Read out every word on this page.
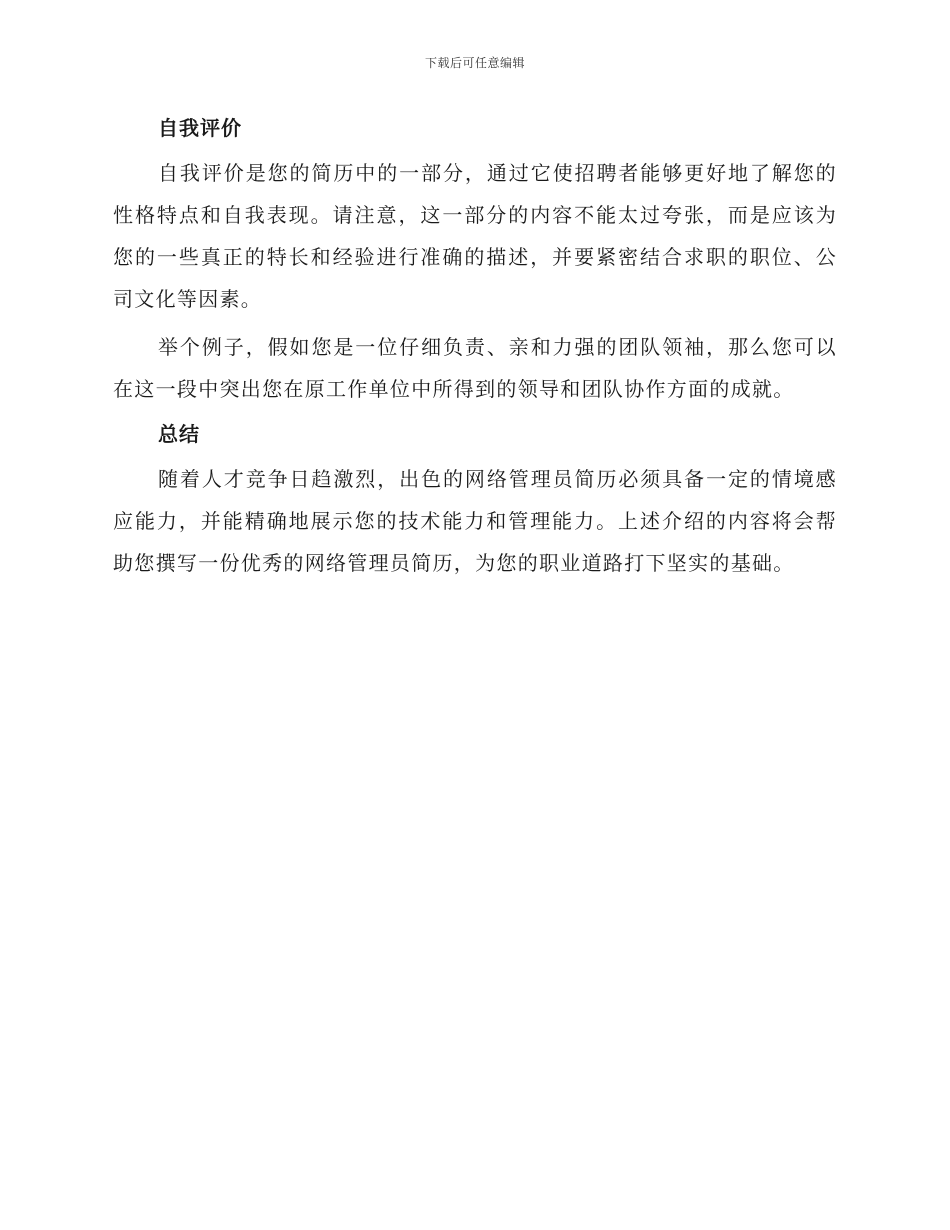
下载后可任意编辑
自我评价

自我评价是您的简历中的一部分，通过它使招聘者能够更好地了解您的性格特点和自我表现。请注意，这一部分的内容不能太过夸张，而是应该为您的一些真正的特长和经验进行准确的描述，并要紧密结合求职的职位、公司文化等因素。

举个例子，假如您是一位仔细负责、亲和力强的团队领袖，那么您可以在这一段中突出您在原工作单位中所得到的领导和团队协作方面的成就。

总结

随着人才竞争日趋激烈，出色的网络管理员简历必须具备一定的情境感应能力，并能精确地展示您的技术能力和管理能力。上述介绍的内容将会帮助您撰写一份优秀的网络管理员简历，为您的职业道路打下坚实的基础。
